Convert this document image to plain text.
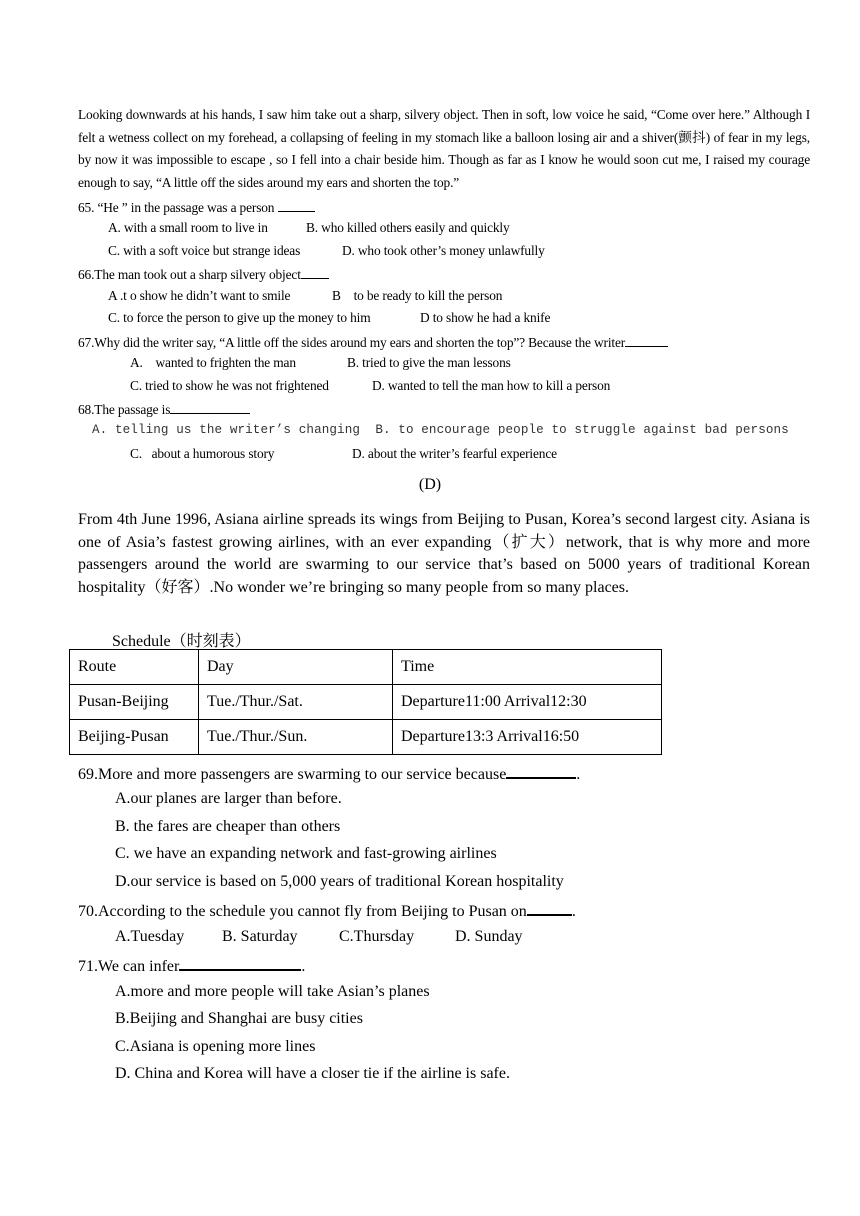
Looking downwards at his hands, I saw him take out a sharp, silvery object. Then in soft, low voice he said, “Come over here.” Although I felt a wetness collect on my forehead, a collapsing of feeling in my stomach like a balloon losing air and a shiver(颤抖) of fear in my legs, by now it was impossible to escape , so I fell into a chair beside him. Though as far as I know he would soon cut me, I raised my courage enough to say, “A little off the sides around my ears and shorten the top.”
65. “He ” in the passage was a person
A. with a small room to live in	B. who killed others easily and quickly
C. with a soft voice but strange ideas	D. who took other’s money unlawfully
66.The man took out a sharp silvery object
A .t o show he didn’t want to smile	B    to be ready to kill the person
C. to force the person to give up the money to him	D to show he had a knife
67.Why did the writer say, “A little off the sides around my ears and shorten the top”? Because the writer
A.    wanted to frighten the man	B. tried to give the man lessons
C. tried to show he was not frightened	D. wanted to tell the man how to kill a person
68.The passage is
A. telling us the writer’s changing  B. to encourage people to struggle against bad persons
C.   about a humorous story	D. about the writer’s fearful experience
(D)
From 4th June 1996, Asiana airline spreads its wings from Beijing to Pusan, Korea’s second largest city. Asiana is one of Asia’s fastest growing airlines, with an ever expanding（扩大）network, that is why more and more passengers around the world are swarming to our service that’s based on 5000 years of traditional Korean hospitality（好客）.No wonder we’re bringing so many people from so many places.
Schedule（时刻表）
Route	Day	Time
Pusan-Beijing	Tue./Thur./Sat.	Departure11:00 Arrival12:30
Beijing-Pusan	Tue./Thur./Sun.	Departure13:3 Arrival16:50
69.More and more passengers are swarming to our service because	.
A.our planes are larger than before.
B. the fares are cheaper than others
C. we have an expanding network and fast-growing airlines
D.our service is based on 5,000 years of traditional Korean hospitality
70.According to the schedule you cannot fly from Beijing to Pusan on	.
A.Tuesday B. Saturday	C.Thursday	D. Sunday
71.We can infer	.
A.more and more people will take Asian’s planes
B.Beijing and Shanghai are busy cities
C.Asiana is opening more lines
D. China and Korea will have a closer tie if the airline is safe.
